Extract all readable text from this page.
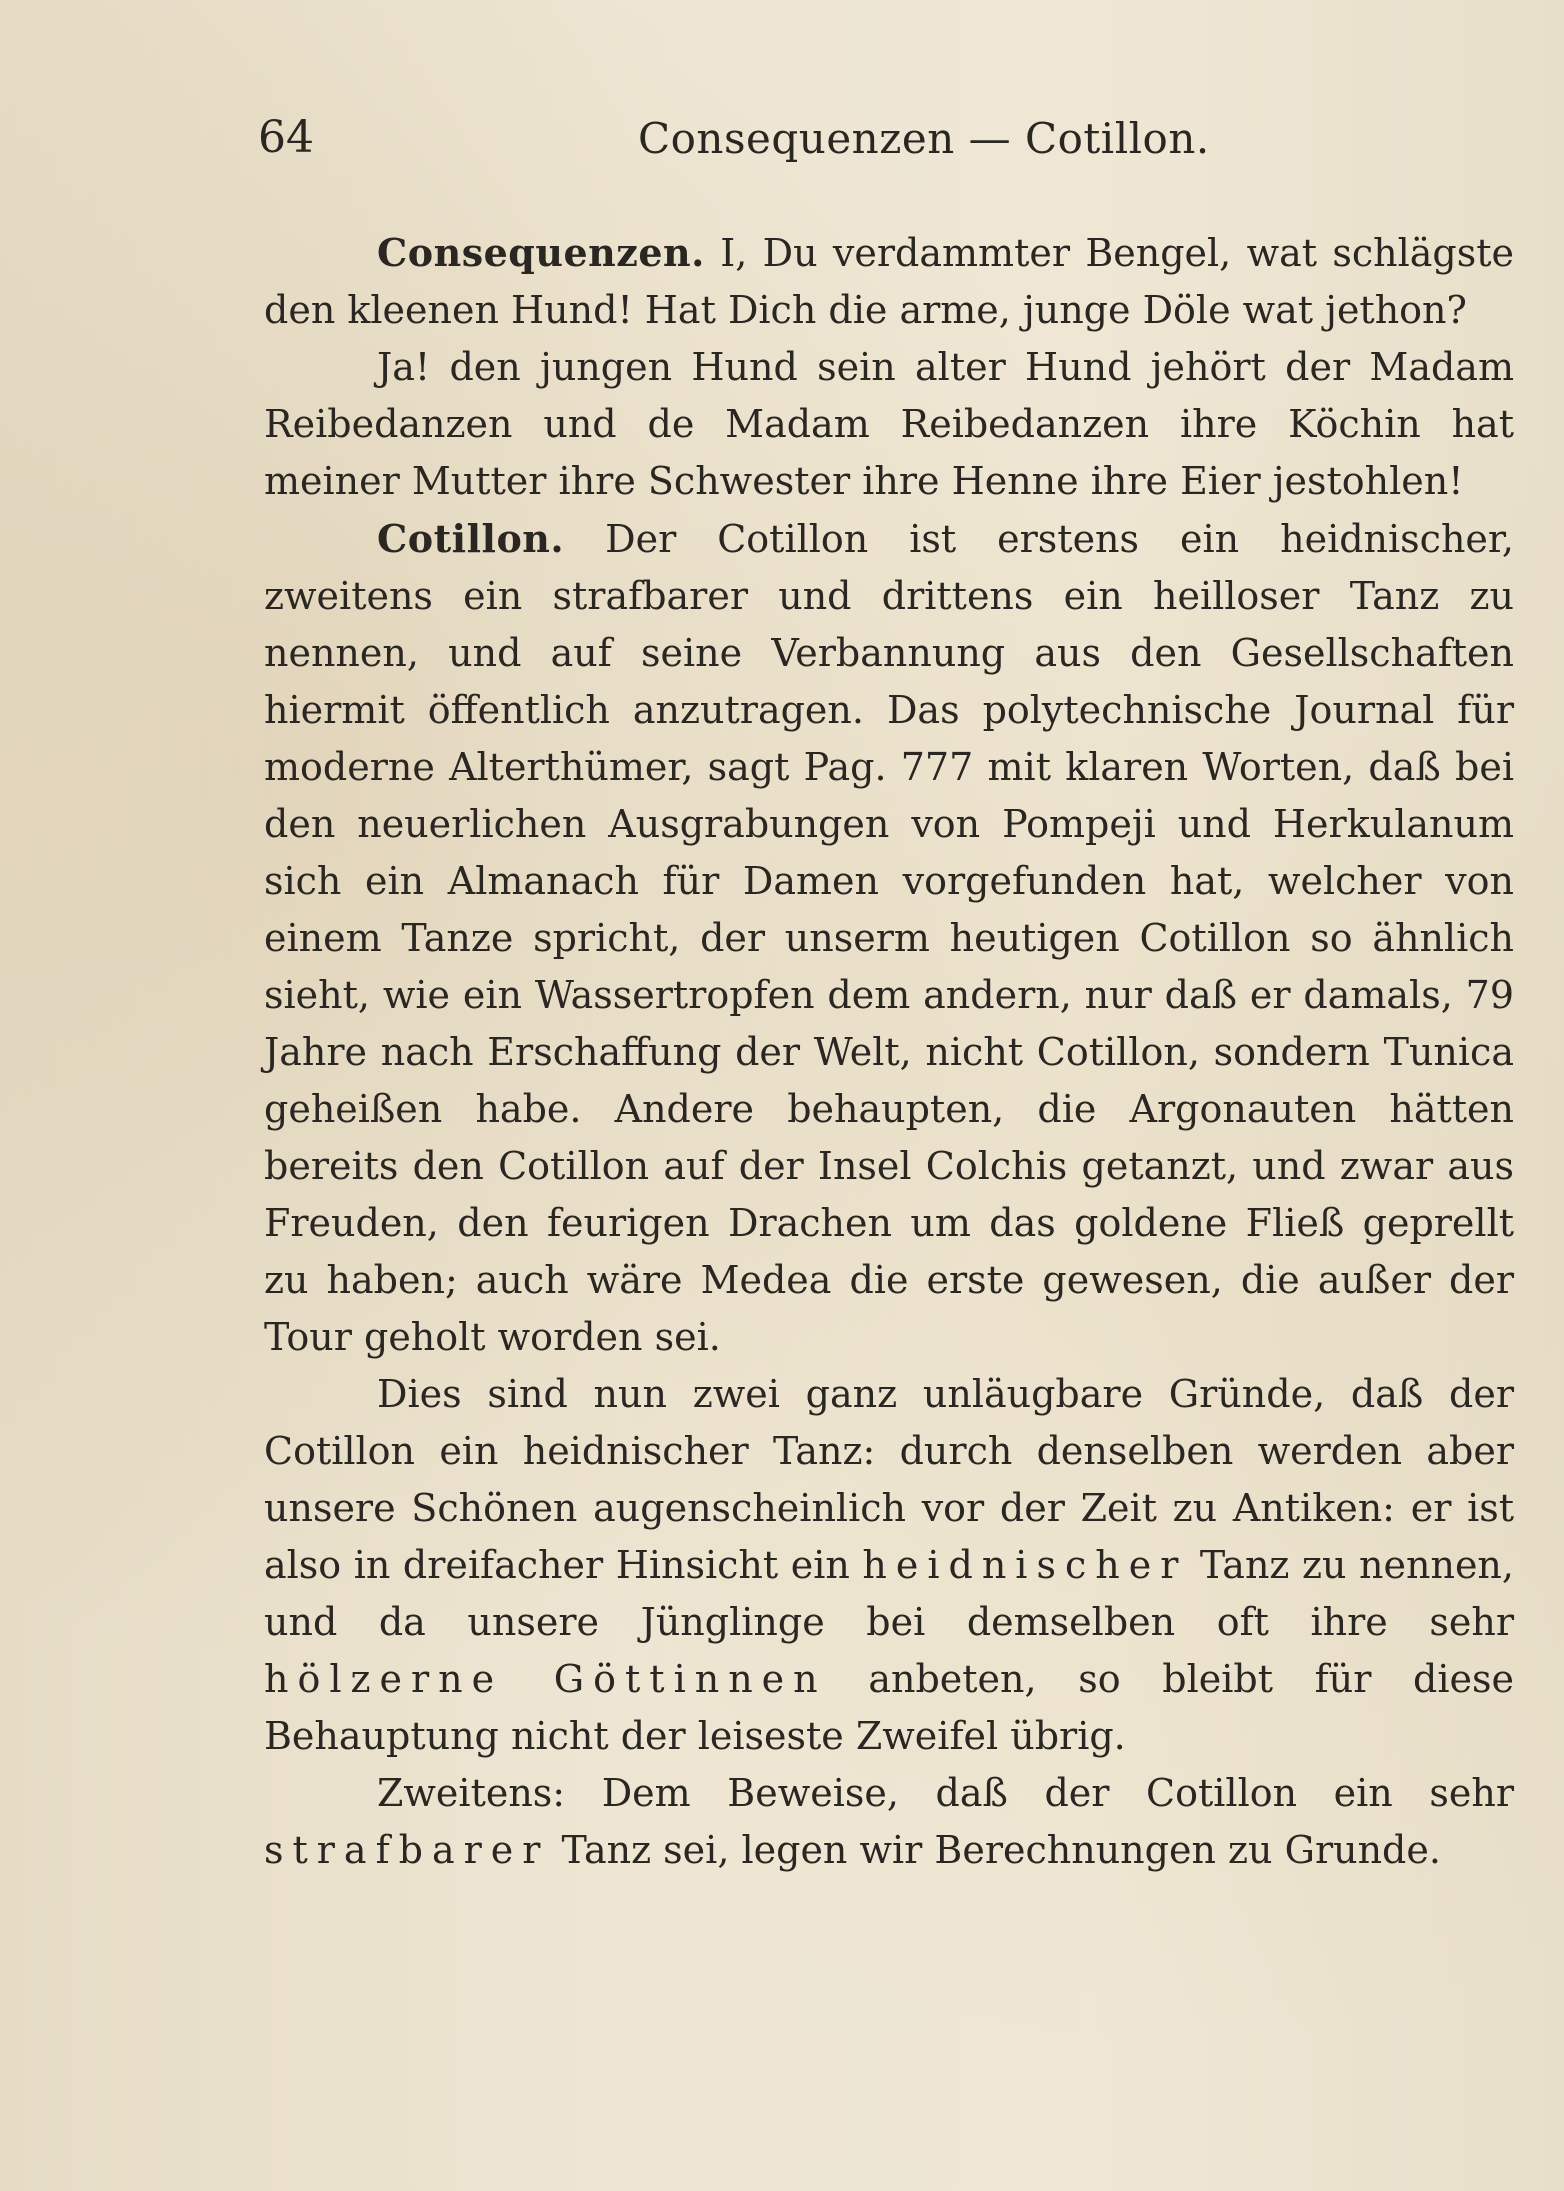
64	Consequenzen — Cotillon.

Consequenzen. I, Du verdammter Bengel, wat schlägste den kleenen Hund! Hat Dich die arme, junge Döle wat jethon?

Ja! den jungen Hund sein alter Hund jehört der Madam Reibedanzen und de Madam Reibedanzen ihre Köchin hat meiner Mutter ihre Schwester ihre Henne ihre Eier jestohlen!

Cotillon. Der Cotillon ist erstens ein heidnischer, zweitens ein strafbarer und drittens ein heilloser Tanz zu nennen, und auf seine Verbannung aus den Gesellschaften hiermit öffentlich anzutragen. Das polytechnische Journal für moderne Alterthümer, sagt Pag. 777 mit klaren Worten, daß bei den neuerlichen Ausgrabungen von Pompeji und Herkulanum sich ein Almanach für Damen vorgefunden hat, welcher von einem Tanze spricht, der unserm heutigen Cotillon so ähnlich sieht, wie ein Wassertropfen dem andern, nur daß er damals, 79 Jahre nach Erschaffung der Welt, nicht Cotillon, sondern Tunica geheißen habe. Andere behaupten, die Argonauten hätten bereits den Cotillon auf der Insel Colchis getanzt, und zwar aus Freuden, den feurigen Drachen um das goldene Fließ geprellt zu haben; auch wäre Medea die erste gewesen, die außer der Tour geholt worden sei.

Dies sind nun zwei ganz unläugbare Gründe, daß der Cotillon ein heidnischer Tanz: durch denselben werden aber unsere Schönen augenscheinlich vor der Zeit zu Antiken: er ist also in dreifacher Hinsicht ein heidnischer Tanz zu nennen, und da unsere Jünglinge bei demselben oft ihre sehr hölzerne Göttinnen anbeten, so bleibt für diese Behauptung nicht der leiseste Zweifel übrig.

Zweitens: Dem Beweise, daß der Cotillon ein sehr strafbarer Tanz sei, legen wir Berechnungen zu Grunde.
